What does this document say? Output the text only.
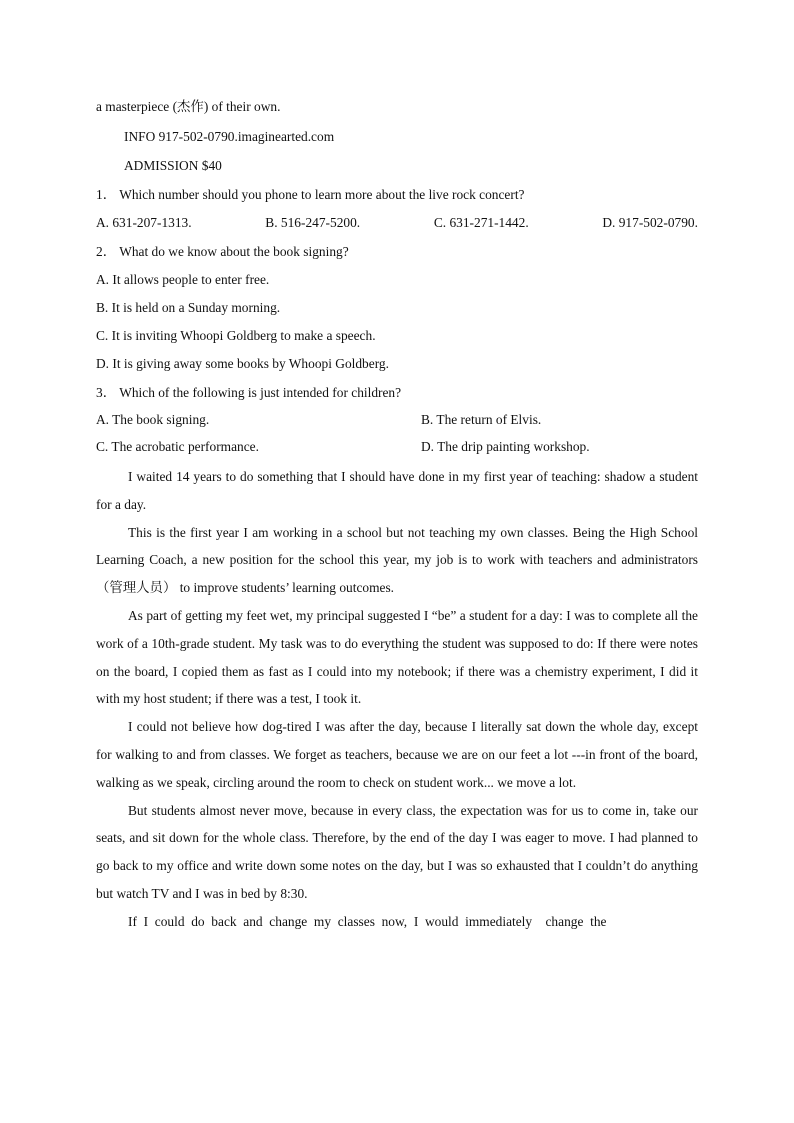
a masterpiece (杰作) of their own.
INFO 917-502-0790.imaginearted.com
ADMISSION $40
1． Which number should you phone to learn more about the live rock concert?
A. 631-207-1313.	B. 516-247-5200.	C. 631-271-1442.	D. 917-502-0790.
2． What do we know about the book signing?
A. It allows people to enter free.
B. It is held on a Sunday morning.
C. It is inviting Whoopi Goldberg to make a speech.
D. It is giving away some books by Whoopi Goldberg.
3． Which of the following is just intended for children?
A. The book signing.	B. The return of Elvis.
C. The acrobatic performance.	D. The drip painting workshop.

I waited 14 years to do something that I should have done in my first year of teaching: shadow a student for a day.

This is the first year I am working in a school but not teaching my own classes. Being the High School Learning Coach, a new position for the school this year, my job is to work with teachers and administrators （管理人员） to improve students’ learning outcomes.

As part of getting my feet wet, my principal suggested I “be” a student for a day: I was to complete all the work of a 10th-grade student. My task was to do everything the student was supposed to do: If there were notes on the board, I copied them as fast as I could into my notebook; if there was a chemistry experiment, I did it with my host student; if there was a test, I took it.

I could not believe how dog-tired I was after the day, because I literally sat down the whole day, except for walking to and from classes. We forget as teachers, because we are on our feet a lot ---in front of the board, walking as we speak, circling around the room to check on student work... we move a lot.

But students almost never move, because in every class, the expectation was for us to come in, take our seats, and sit down for the whole class. Therefore, by the end of the day I was eager to move. I had planned to go back to my office and write down some notes on the day, but I was so exhausted that I couldn’t do anything but watch TV and I was in bed by 8:30.

If  I  could  do  back  and  change  my  classes  now,  I  would  immediately    change  the
